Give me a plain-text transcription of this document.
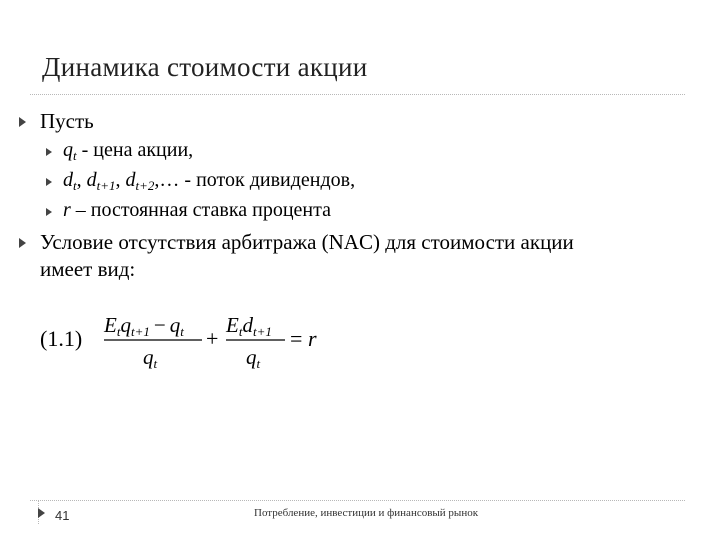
Динамика стоимости акции
Пусть
$q_t$ - цена акции,
$d_t$, $d_{t+1}$, $d_{t+2},\dots$ - поток дивидендов,
r – постоянная ставка процента
Условие отсутствия арбитража (NAC) для стоимости акции
имеет вид:
(1.1)
Etqt+1 − qt
qt
+
Etdt+1
qt
= r
41	Потребление, инвестиции и финансовый рынок
